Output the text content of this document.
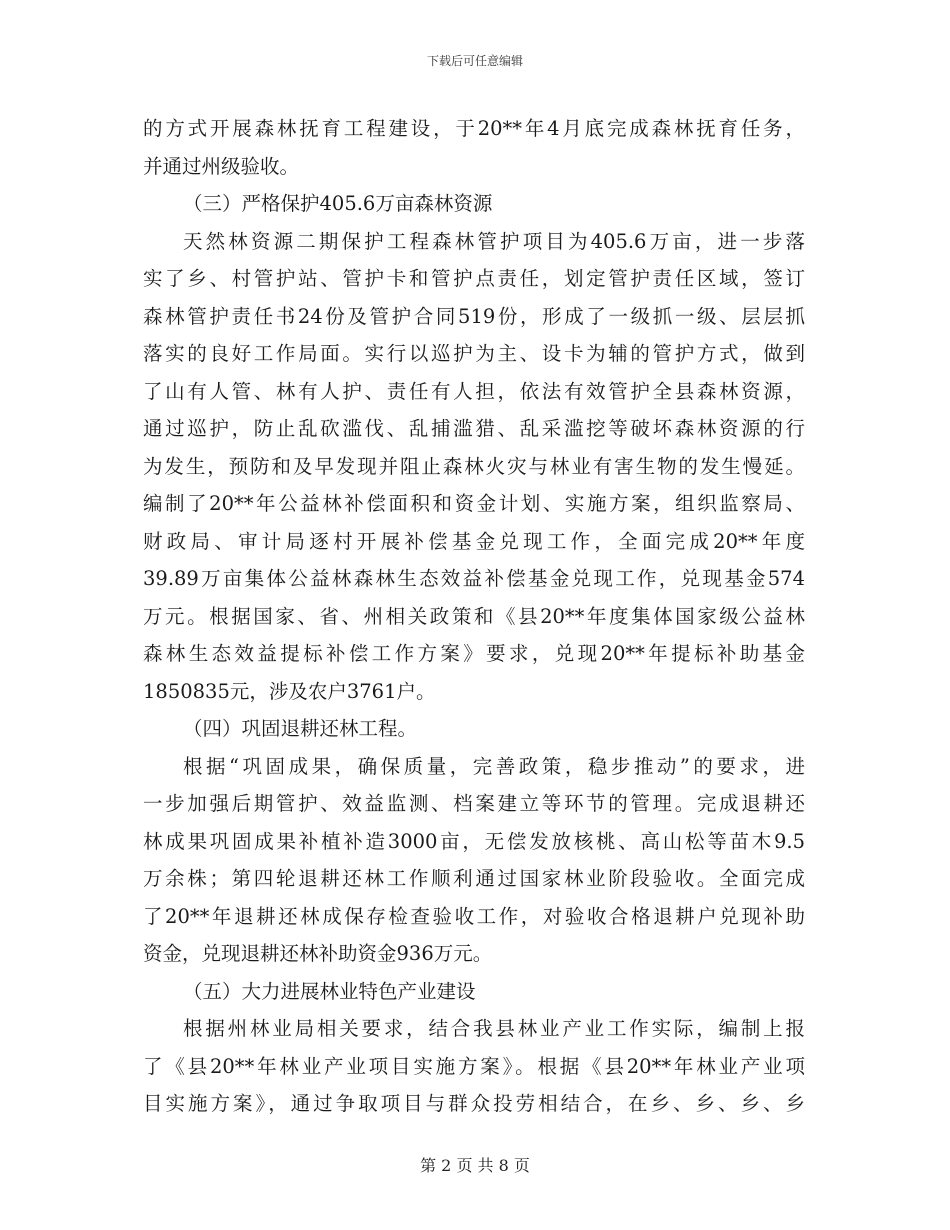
下载后可任意编辑
的方式开展森林抚育工程建设，于20**年4月底完成森林抚育任务，
并通过州级验收。
（三）严格保护405.6万亩森林资源
天然林资源二期保护工程森林管护项目为405.6万亩，进一步落
实了乡、村管护站、管护卡和管护点责任，划定管护责任区域，签订
森林管护责任书24份及管护合同519份，形成了一级抓一级、层层抓
落实的良好工作局面。实行以巡护为主、设卡为辅的管护方式，做到
了山有人管、林有人护、责任有人担，依法有效管护全县森林资源，
通过巡护，防止乱砍滥伐、乱捕滥猎、乱采滥挖等破坏森林资源的行
为发生，预防和及早发现并阻止森林火灾与林业有害生物的发生慢延。
编制了20**年公益林补偿面积和资金计划、实施方案，组织监察局、
财政局、审计局逐村开展补偿基金兑现工作，全面完成20**年度
39.89万亩集体公益林森林生态效益补偿基金兑现工作，兑现基金574
万元。根据国家、省、州相关政策和《县20**年度集体国家级公益林
森林生态效益提标补偿工作方案》要求，兑现20**年提标补助基金
1850835元，涉及农户3761户。
（四）巩固退耕还林工程。
根据“巩固成果，确保质量，完善政策，稳步推动”的要求，进
一步加强后期管护、效益监测、档案建立等环节的管理。完成退耕还
林成果巩固成果补植补造3000亩，无偿发放核桃、高山松等苗木9.5
万余株；第四轮退耕还林工作顺利通过国家林业阶段验收。全面完成
了20**年退耕还林成保存检查验收工作，对验收合格退耕户兑现补助
资金，兑现退耕还林补助资金936万元。
（五）大力进展林业特色产业建设
根据州林业局相关要求，结合我县林业产业工作实际，编制上报
了《县20**年林业产业项目实施方案》。根据《县20**年林业产业项
目实施方案》，通过争取项目与群众投劳相结合，在乡、乡、乡、乡
第 2 页 共 8 页
